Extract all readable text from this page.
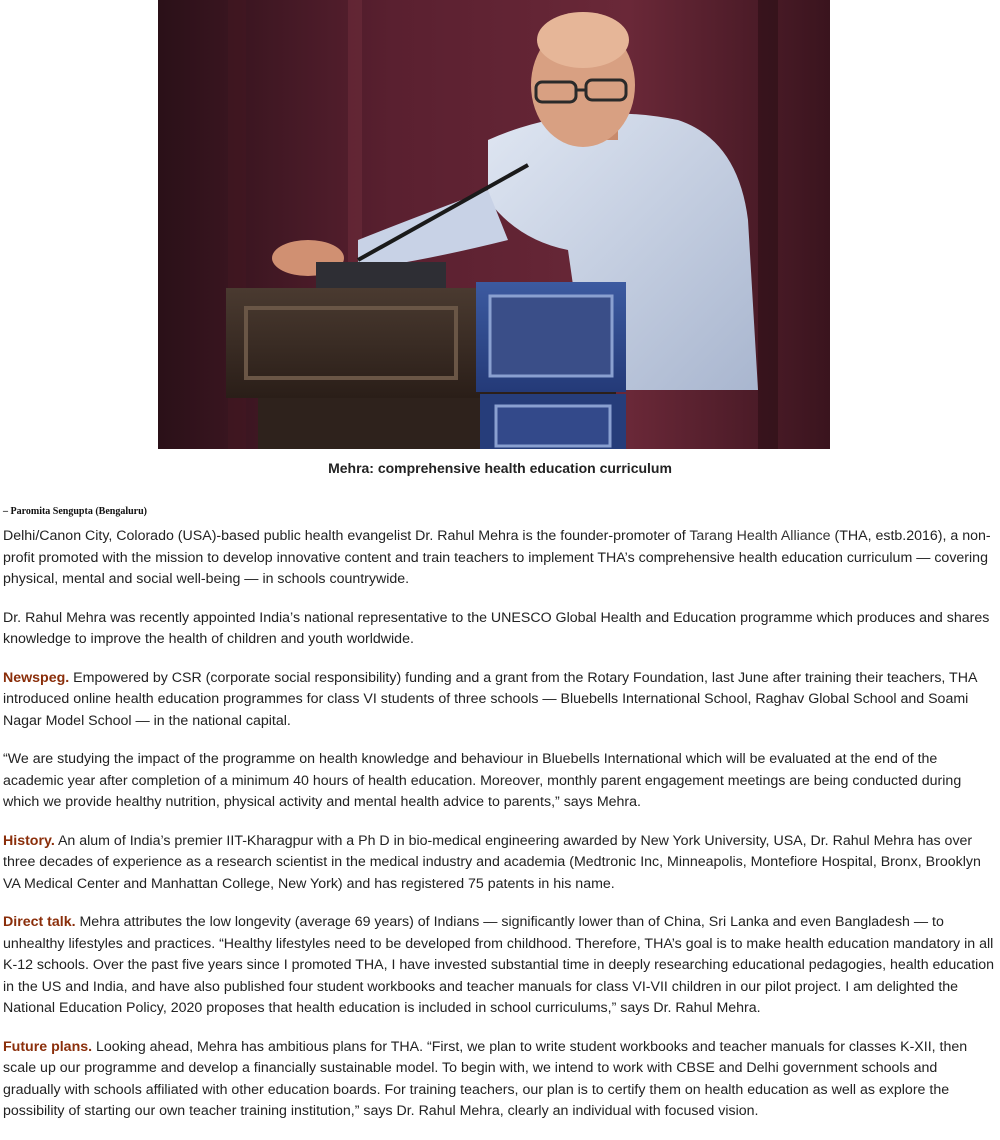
Mehra: comprehensive health education curriculum
– Paromita Sengupta (Bengaluru)

Delhi/Canon City, Colorado (USA)-based public health evangelist Dr. Rahul Mehra is the founder-promoter of Tarang Health Alliance (THA, estb.2016), a non-profit promoted with the mission to develop innovative content and train teachers to implement THA’s comprehensive health education curriculum — covering physical, mental and social well-being — in schools countrywide.

Dr. Rahul Mehra was recently appointed India’s national representative to the UNESCO Global Health and Education programme which produces and shares knowledge to improve the health of children and youth worldwide.

Newspeg. Empowered by CSR (corporate social responsibility) funding and a grant from the Rotary Foundation, last June after training their teachers, THA introduced online health education programmes for class VI students of three schools — Bluebells International School, Raghav Global School and Soami Nagar Model School — in the national capital.

“We are studying the impact of the programme on health knowledge and behaviour in Bluebells International which will be evaluated at the end of the academic year after completion of a minimum 40 hours of health education. Moreover, monthly parent engagement meetings are being conducted during which we provide healthy nutrition, physical activity and mental health advice to parents,” says Mehra.

History. An alum of India’s premier IIT-Kharagpur with a Ph D in bio-medical engineering awarded by New York University, USA, Dr. Rahul Mehra has over three decades of experience as a research scientist in the medical industry and academia (Medtronic Inc, Minneapolis, Montefiore Hospital, Bronx, Brooklyn VA Medical Center and Manhattan College, New York) and has registered 75 patents in his name.

Direct talk. Mehra attributes the low longevity (average 69 years) of Indians — significantly lower than of China, Sri Lanka and even Bangladesh — to unhealthy lifestyles and practices. “Healthy lifestyles need to be developed from childhood. Therefore, THA’s goal is to make health education mandatory in all K-12 schools. Over the past five years since I promoted THA, I have invested substantial time in deeply researching educational pedagogies, health education in the US and India, and have also published four student workbooks and teacher manuals for class VI-VII children in our pilot project. I am delighted the National Education Policy, 2020 proposes that health education is included in school curriculums,” says Dr. Rahul Mehra.

Future plans. Looking ahead, Mehra has ambitious plans for THA. “First, we plan to write student workbooks and teacher manuals for classes K-XII, then scale up our programme and develop a financially sustainable model. To begin with, we intend to work with CBSE and Delhi government schools and gradually with schools affiliated with other education boards. For training teachers, our plan is to certify them on health education as well as explore the possibility of starting our own teacher training institution,” says Dr. Rahul Mehra, clearly an individual with focused vision.
